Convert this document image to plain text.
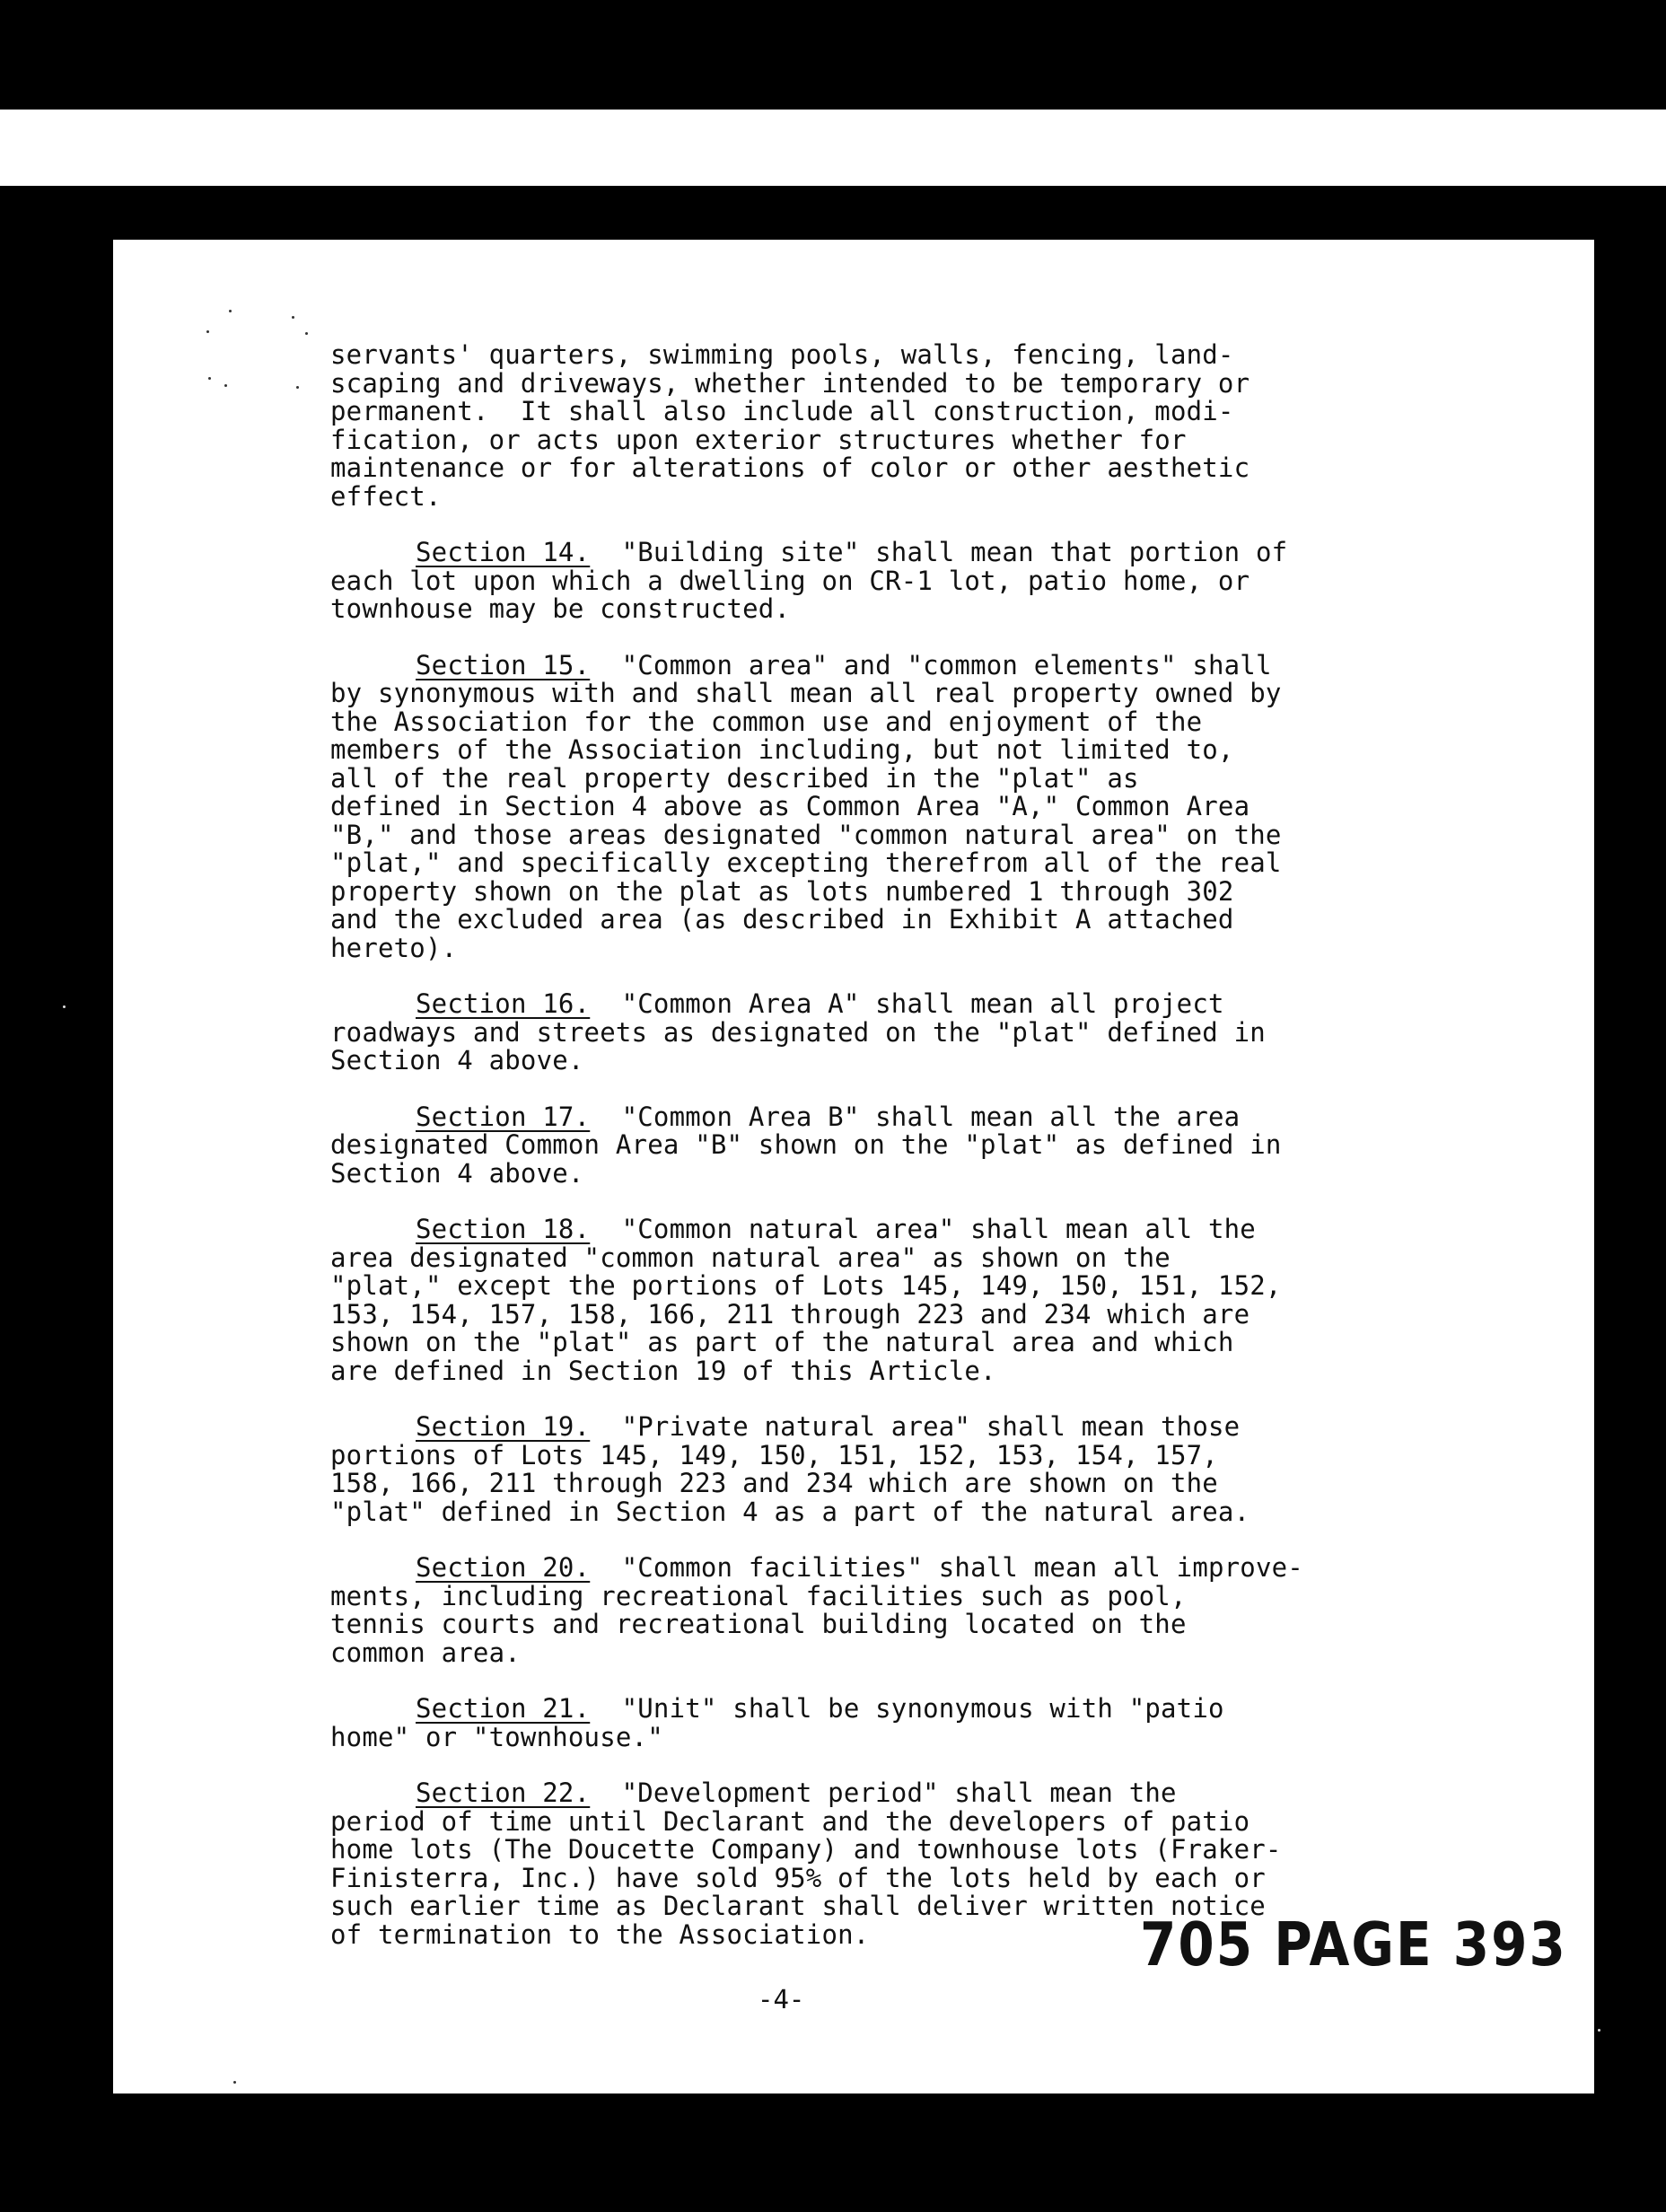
servants' quarters, swimming pools, walls, fencing, land-
scaping and driveways, whether intended to be temporary or
permanent.  It shall also include all construction, modi-
fication, or acts upon exterior structures whether for
maintenance or for alterations of color or other aesthetic
effect.

Section 14.  "Building site" shall mean that portion of
each lot upon which a dwelling on CR-1 lot, patio home, or
townhouse may be constructed.

Section 15.  "Common area" and "common elements" shall
by synonymous with and shall mean all real property owned by
the Association for the common use and enjoyment of the
members of the Association including, but not limited to,
all of the real property described in the "plat" as
defined in Section 4 above as Common Area "A," Common Area
"B," and those areas designated "common natural area" on the
"plat," and specifically excepting therefrom all of the real
property shown on the plat as lots numbered 1 through 302
and the excluded area (as described in Exhibit A attached
hereto).

Section 16.  "Common Area A" shall mean all project
roadways and streets as designated on the "plat" defined in
Section 4 above.

Section 17.  "Common Area B" shall mean all the area
designated Common Area "B" shown on the "plat" as defined in
Section 4 above.

Section 18.  "Common natural area" shall mean all the
area designated "common natural area" as shown on the
"plat," except the portions of Lots 145, 149, 150, 151, 152,
153, 154, 157, 158, 166, 211 through 223 and 234 which are
shown on the "plat" as part of the natural area and which
are defined in Section 19 of this Article.

Section 19.  "Private natural area" shall mean those
portions of Lots 145, 149, 150, 151, 152, 153, 154, 157,
158, 166, 211 through 223 and 234 which are shown on the
"plat" defined in Section 4 as a part of the natural area.

Section 20.  "Common facilities" shall mean all improve-
ments, including recreational facilities such as pool,
tennis courts and recreational building located on the
common area.

Section 21.  "Unit" shall be synonymous with "patio
home" or "townhouse."

Section 22.  "Development period" shall mean the
period of time until Declarant and the developers of patio
home lots (The Doucette Company) and townhouse lots (Fraker-
Finisterra, Inc.) have sold 95% of the lots held by each or
such earlier time as Declarant shall deliver written notice
of termination to the Association.	705 PAGE 393
-4-
